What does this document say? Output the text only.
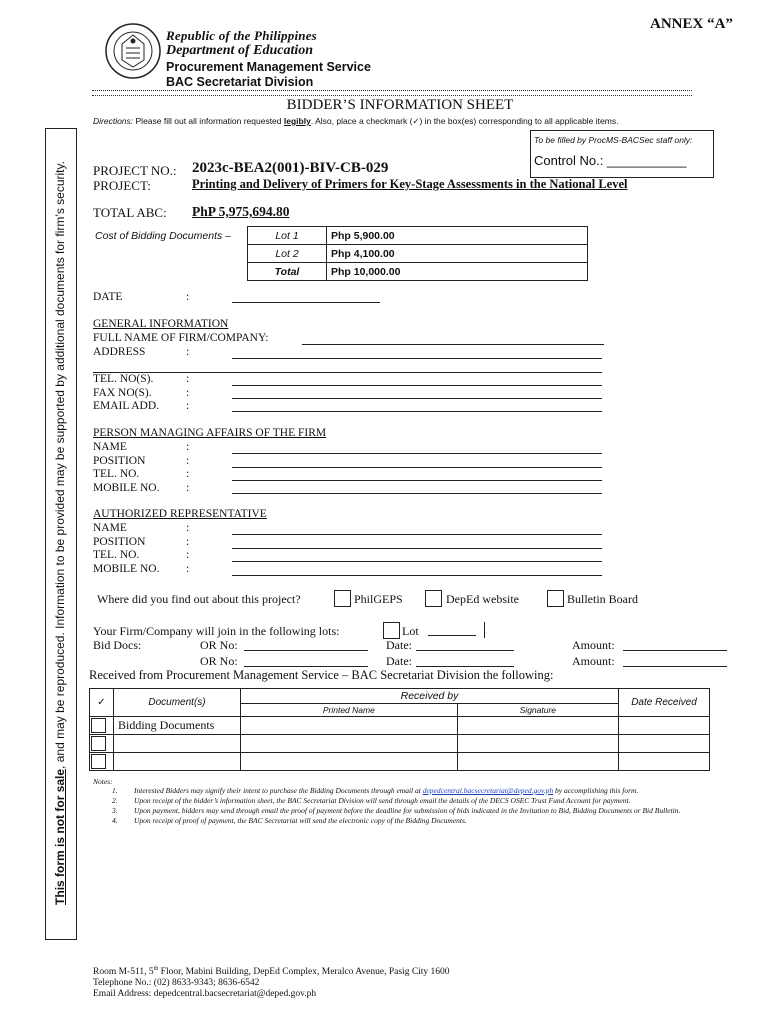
This form is not for sale, and may be reproduced. Information to be provided may be supported by additional documents for firm’s security.
ANNEX “A”
Republic of the Philippines
Department of Education
Procurement Management Service
BAC Secretariat Division
BIDDER’S INFORMATION SHEET
Directions: Please fill out all information requested legibly. Also, place a checkmark (✓) in the box(es) corresponding to all applicable items.
To be filled by ProcMS-BACSec staff only:
Control No.: ___________
PROJECT NO.: 2023c-BEA2(001)-BIV-CB-029
PROJECT:	Printing and Delivery of Primers for Key-Stage Assessments in the National Level
TOTAL ABC: PhP 5,975,694.80
Cost of Bidding Documents –	Lot 1	Php 5,900.00
Lot 2	Php 4,100.00
Total	Php 10,000.00
DATE	:
GENERAL INFORMATION
FULL NAME OF FIRM/COMPANY:
ADDRESS	:
TEL. NO(S).	:
FAX NO(S).	:
EMAIL ADD. :
PERSON MANAGING AFFAIRS OF THE FIRM
NAME	:
POSITION	:
TEL. NO.	:
MOBILE NO. :
AUTHORIZED REPRESENTATIVE
NAME	:
POSITION	:
TEL. NO.	:
MOBILE NO. :
Where did you find out about this project?	PhilGEPS	DepEd website	Bulletin Board
Your Firm/Company will join in the following lots:	Lot
Bid Docs:	OR No:	Date:	Amount:
OR No:	Date:	Amount:
Received from Procurement Management Service – BAC Secretariat Division the following:
✓	Document(s)	Received by		Date Received
		Printed Name	Signature	

	Bidding Documents			

Notes:
1.	Interested Bidders may signify their intent to purchase the Bidding Documents through email at depedcentral.bacsecretariat@deped.gov.ph by accomplishing this form.
2.	Upon receipt of the bidder’s information sheet, the BAC Secretariat Division will send through email the details of the DECS OSEC Trust Fund Account for payment.
3.	Upon payment, bidders may send through email the proof of payment before the deadline for submission of bids indicated in the Invitation to Bid, Bidding Documents or Bid Bulletin.
4.	Upon receipt of proof of payment, the BAC Secretariat will send the electronic copy of the Bidding Documents.
Room M-511, 5th Floor, Mabini Building, DepEd Complex, Meralco Avenue, Pasig City 1600
Telephone No.: (02) 8633-9343; 8636-6542
Email Address: depedcentral.bacsecretariat@deped.gov.ph
